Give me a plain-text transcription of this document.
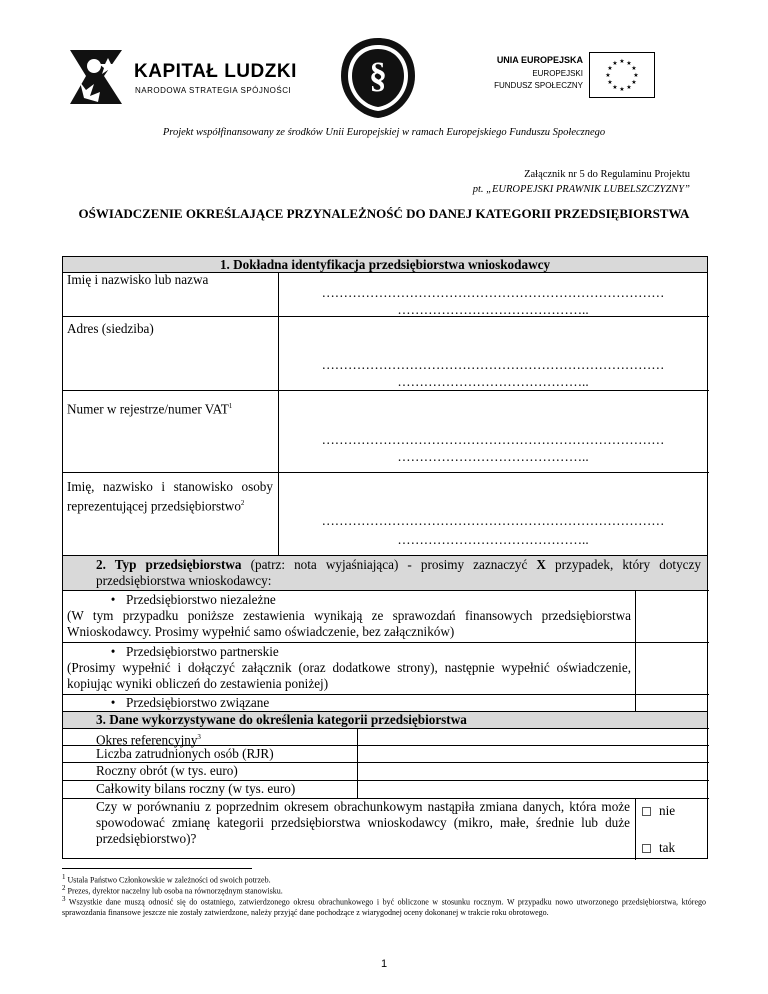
KAPITAŁ LUDZKI
NARODOWA STRATEGIA SPÓJNOŚCI §	UNIA EUROPEJSKA
EUROPEJSKI
FUNDUSZ SPOŁECZNY
★ ★
★
★
★
★
★
★
★
★
★
★
Projekt współfinansowany ze środków Unii Europejskiej w ramach Europejskiego Funduszu Społecznego
Załącznik nr 5 do Regulaminu Projektu
pt. „EUROPEJSKI PRAWNIK LUBELSZCZYZNY”
OŚWIADCZENIE OKREŚLAJĄCE PRZYNALEŻNOŚĆ DO DANEJ KATEGORII PRZEDSIĘBIORSTWA
1. Dokładna identyfikacja przedsiębiorstwa wnioskodawcy
Imię i nazwisko lub nazwa
……………………………………………………………………
……………………………………..
Adres (siedziba)
……………………………………………………………………
……………………………………..
Numer w rejestrze/numer VAT$^1$
……………………………………………………………………
……………………………………..
Imię, nazwisko i stanowisko osoby reprezentującej przedsiębiorstwo$^2$
……………………………………………………………………
……………………………………..
2. Typ przedsiębiorstwa (patrz: nota wyjaśniająca) - prosimy zaznaczyć X przypadek, który dotyczy przedsiębiorstwa wnioskodawcy:
• Przedsiębiorstwo niezależne
(W tym przypadku poniższe zestawienia wynikają ze sprawozdań finansowych przedsiębiorstwa Wnioskodawcy. Prosimy wypełnić samo oświadczenie, bez załączników)
• Przedsiębiorstwo partnerskie
(Prosimy wypełnić i dołączyć załącznik (oraz dodatkowe strony), następnie wypełnić oświadczenie, kopiując wyniki obliczeń do zestawienia poniżej)
• Przedsiębiorstwo związane
3. Dane wykorzystywane do określenia kategorii przedsiębiorstwa
Okres referencyjny$^3$
Liczba zatrudnionych osób (RJR)
Roczny obrót (w tys. euro)
Całkowity bilans roczny (w tys. euro)
Czy w porównaniu z poprzednim okresem obrachunkowym nastąpiła zmiana danych, która może spowodować zmianę kategorii przedsiębiorstwa wnioskodawcy (mikro, małe, średnie lub duże przedsiębiorstwo)?
nie
tak
$^1$ Ustala Państwo Członkowskie w zależności od swoich potrzeb.
$^2$ Prezes, dyrektor naczelny lub osoba na równorzędnym stanowisku.
$^3$ Wszystkie dane muszą odnosić się do ostatniego, zatwierdzonego okresu obrachunkowego i być obliczone w stosunku rocznym. W przypadku nowo utworzonego przedsiębiorstwa, którego sprawozdania finansowe jeszcze nie zostały zatwierdzone, należy przyjąć dane pochodzące z wiarygodnej oceny dokonanej w trakcie roku obrotowego.
1
